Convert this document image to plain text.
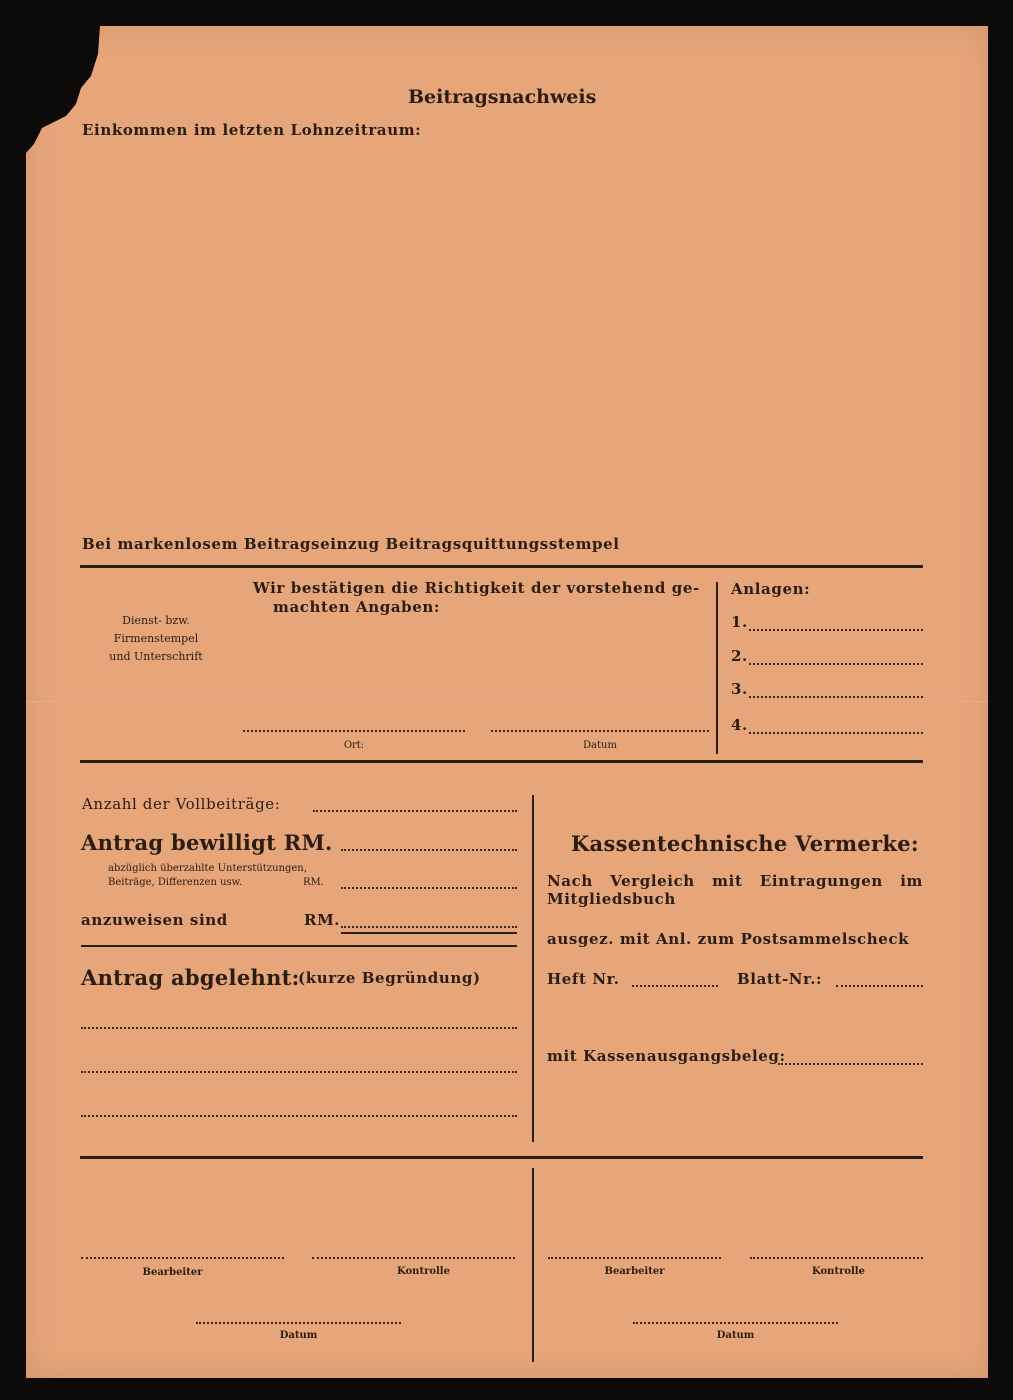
Beitragsnachweis
Einkommen im letzten Lohnzeitraum:
Bei markenlosem Beitragseinzug Beitragsquittungsstempel
Dienst- bzw.
Firmenstempel
und Unterschrift
Wir bestätigen die Richtigkeit der vorstehend ge-
machten Angaben:
Ort:	Datum
Anlagen:
1.
2.
3.
4.
Anzahl der Vollbeiträge:
Antrag bewilligt RM.
abzüglich überzahlte Unterstützungen,
Beiträge, Differenzen usw.	RM.
anzuweisen sind	RM.
Antrag abgelehnt:
(kurze Begründung)
Kassentechnische Vermerke:
Nach Vergleich mit Eintragungen im
Mitgliedsbuch
ausgez. mit Anl. zum Postsammelscheck
Heft Nr.	Blatt-Nr.:
mit Kassenausgangsbeleg:
Bearbeiter	Kontrolle
Datum
Bearbeiter	Kontrolle
Datum
